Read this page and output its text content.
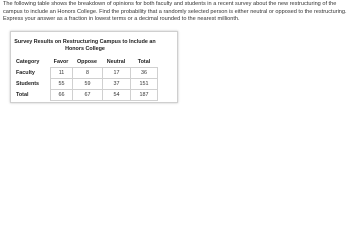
The following table shows the breakdown of opinions for both faculty and students in a recent survey about the new restructuring of the campus to include an Honors College. Find the probability that a randomly selected person is either neutral or opposed to the restructuring. Express your answer as a fraction in lowest terms or a decimal rounded to the nearest millionth.
Survey Results on Restructuring Campus to Include an Honors College
Category	Favor	Oppose	Neutral	Total
Faculty	11	8	17	36
Students	55	59	37	151
Total	66	67	54	187
